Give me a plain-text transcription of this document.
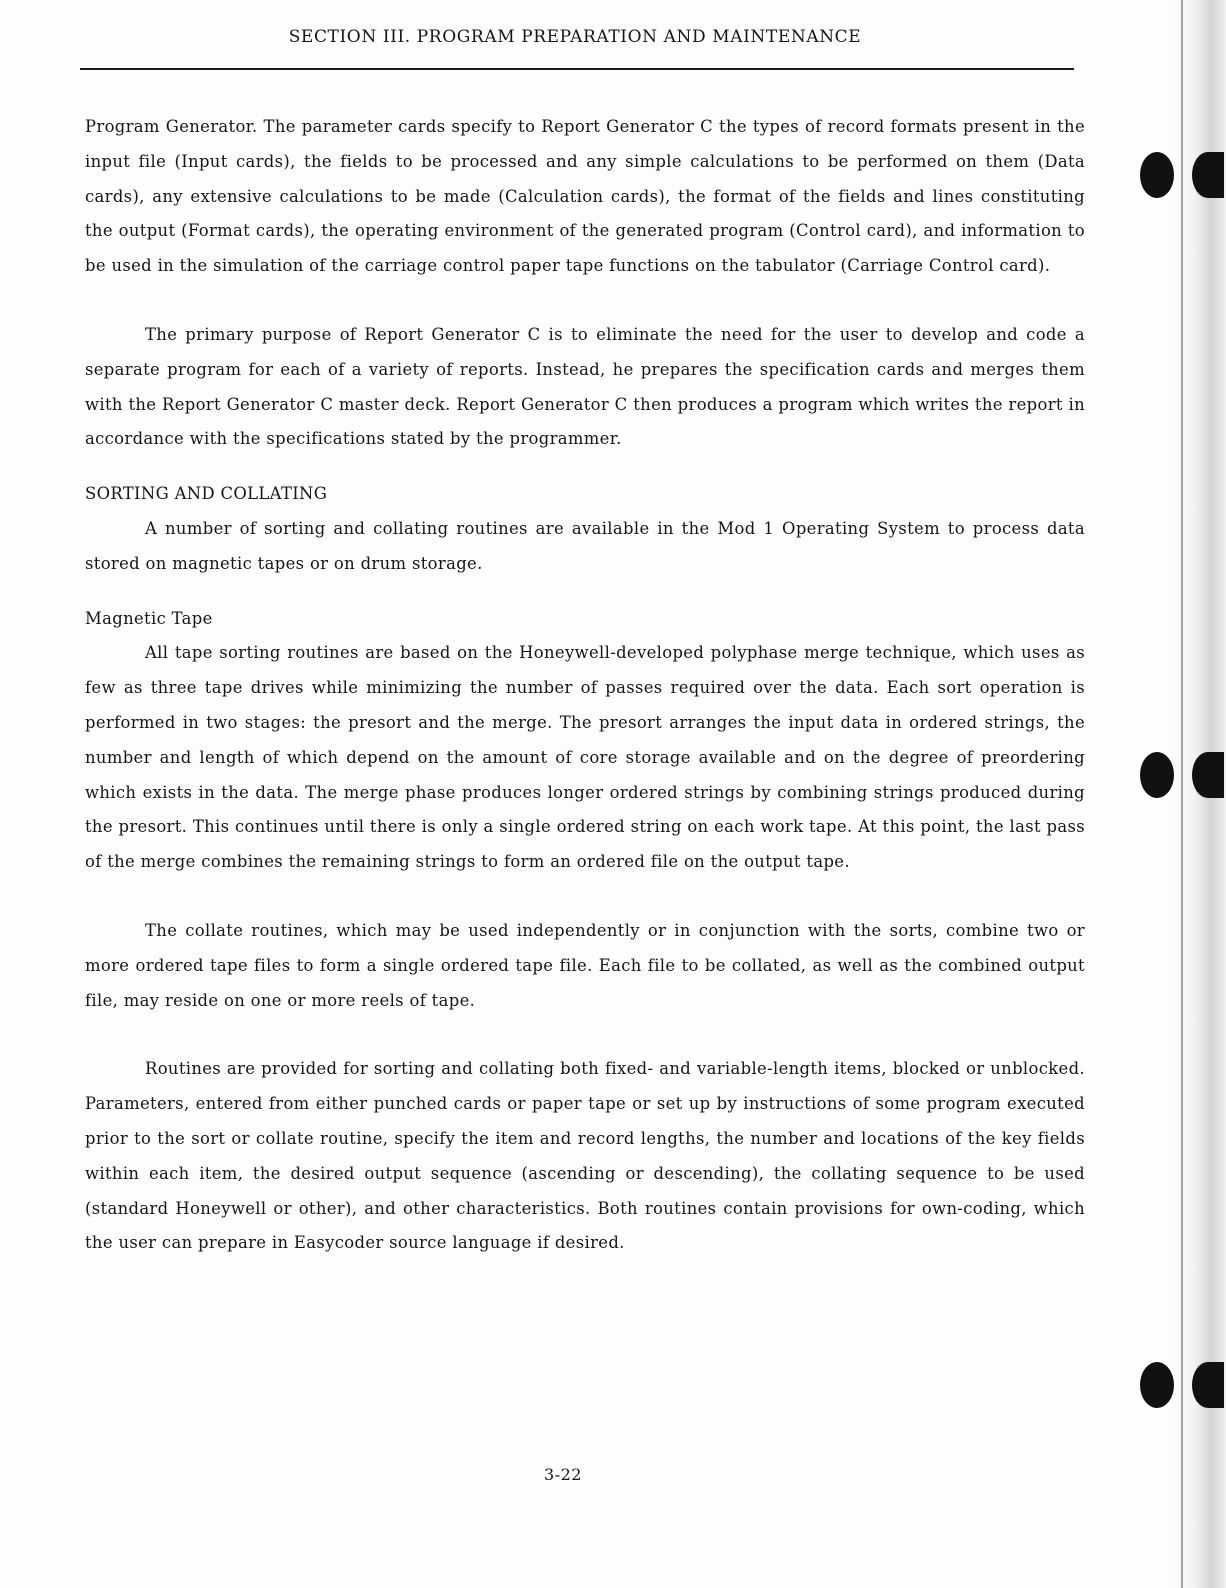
SECTION III. PROGRAM PREPARATION AND MAINTENANCE

Program Generator. The parameter cards specify to Report Generator C the types of record formats present in the input file (Input cards), the fields to be processed and any simple calculations to be performed on them (Data cards), any extensive calculations to be made (Calculation cards), the format of the fields and lines constituting the output (Format cards), the operating environment of the generated program (Control card), and information to be used in the simulation of the carriage control paper tape functions on the tabulator (Carriage Control card).

The primary purpose of Report Generator C is to eliminate the need for the user to develop and code a separate program for each of a variety of reports. Instead, he prepares the specification cards and merges them with the Report Generator C master deck. Report Generator C then produces a program which writes the report in accordance with the specifications stated by the programmer.

SORTING AND COLLATING

A number of sorting and collating routines are available in the Mod 1 Operating System to process data stored on magnetic tapes or on drum storage.

Magnetic Tape

All tape sorting routines are based on the Honeywell-developed polyphase merge technique, which uses as few as three tape drives while minimizing the number of passes required over the data. Each sort operation is performed in two stages: the presort and the merge. The presort arranges the input data in ordered strings, the number and length of which depend on the amount of core storage available and on the degree of preordering which exists in the data. The merge phase produces longer ordered strings by combining strings produced during the presort. This continues until there is only a single ordered string on each work tape. At this point, the last pass of the merge combines the remaining strings to form an ordered file on the output tape.

The collate routines, which may be used independently or in conjunction with the sorts, combine two or more ordered tape files to form a single ordered tape file. Each file to be collated, as well as the combined output file, may reside on one or more reels of tape.

Routines are provided for sorting and collating both fixed- and variable-length items, blocked or unblocked. Parameters, entered from either punched cards or paper tape or set up by instructions of some program executed prior to the sort or collate routine, specify the item and record lengths, the number and locations of the key fields within each item, the desired output sequence (ascending or descending), the collating sequence to be used (standard Honeywell or other), and other characteristics. Both routines contain provisions for own-coding, which the user can prepare in Easycoder source language if desired.

3-22
